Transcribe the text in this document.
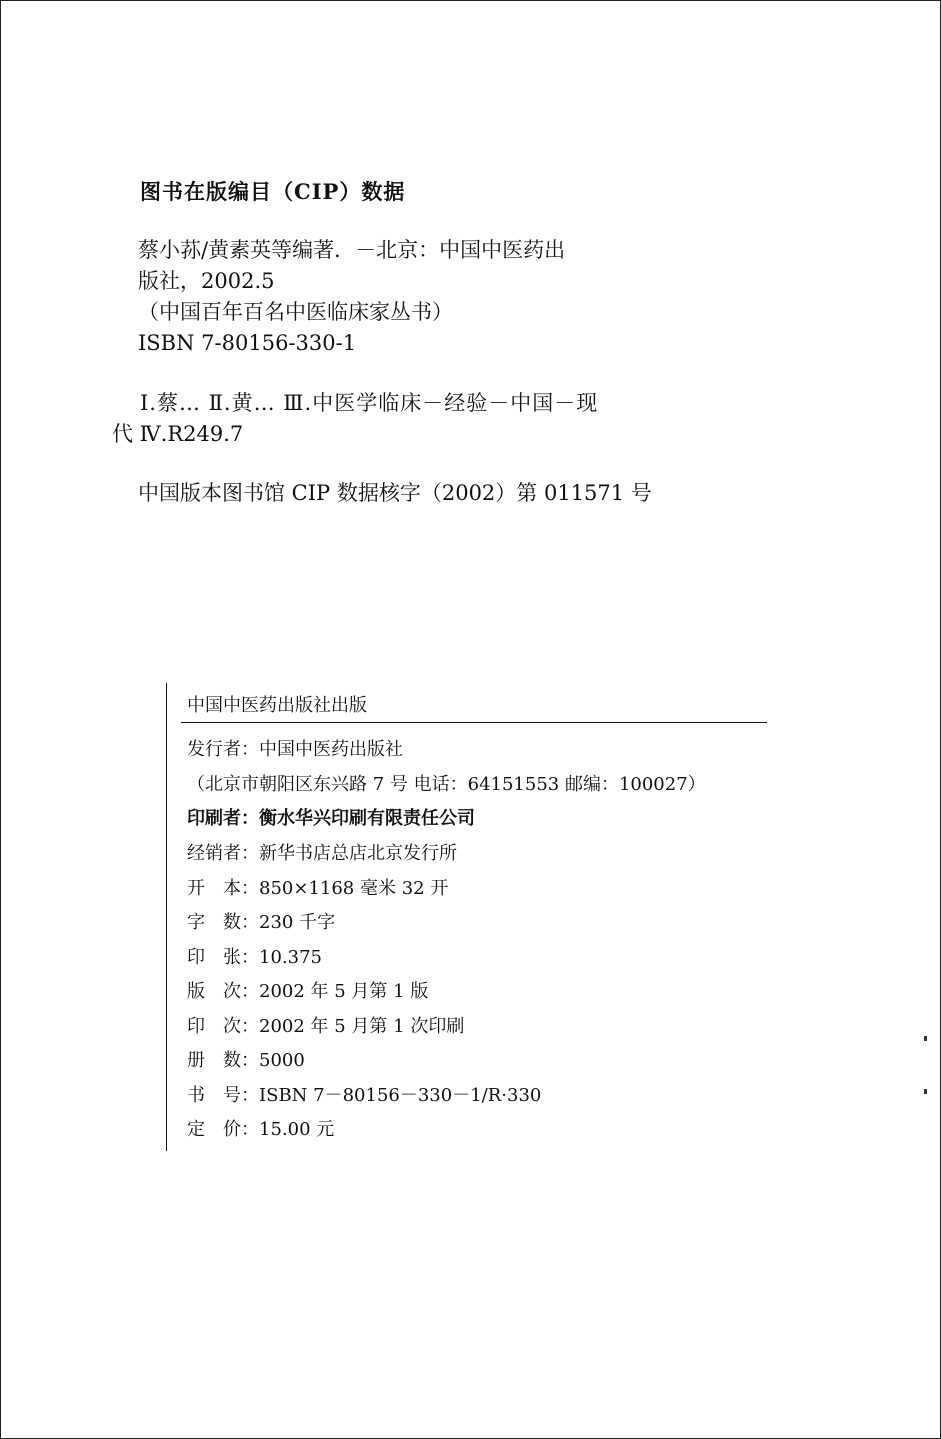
图书在版编目（CIP）数据
蔡小荪/黄素英等编著．－北京：中国中医药出
版社，2002.5
（中国百年百名中医临床家丛书）
ISBN 7-80156-330-1
Ⅰ.蔡… Ⅱ.黄… Ⅲ.中医学临床－经验－中国－现
代 Ⅳ.R249.7
中国版本图书馆 CIP 数据核字（2002）第 011571 号
中国中医药出版社出版
发行者：中国中医药出版社
（北京市朝阳区东兴路 7 号 电话：64151553 邮编：100027）
印刷者：衡水华兴印刷有限责任公司
经销者：新华书店总店北京发行所
开　本：850×1168 毫米 32 开
字　数：230 千字
印　张：10.375
版　次：2002 年 5 月第 1 版
印　次：2002 年 5 月第 1 次印刷
册　数：5000
书　号：ISBN 7－80156－330－1/R·330
定　价：15.00 元
